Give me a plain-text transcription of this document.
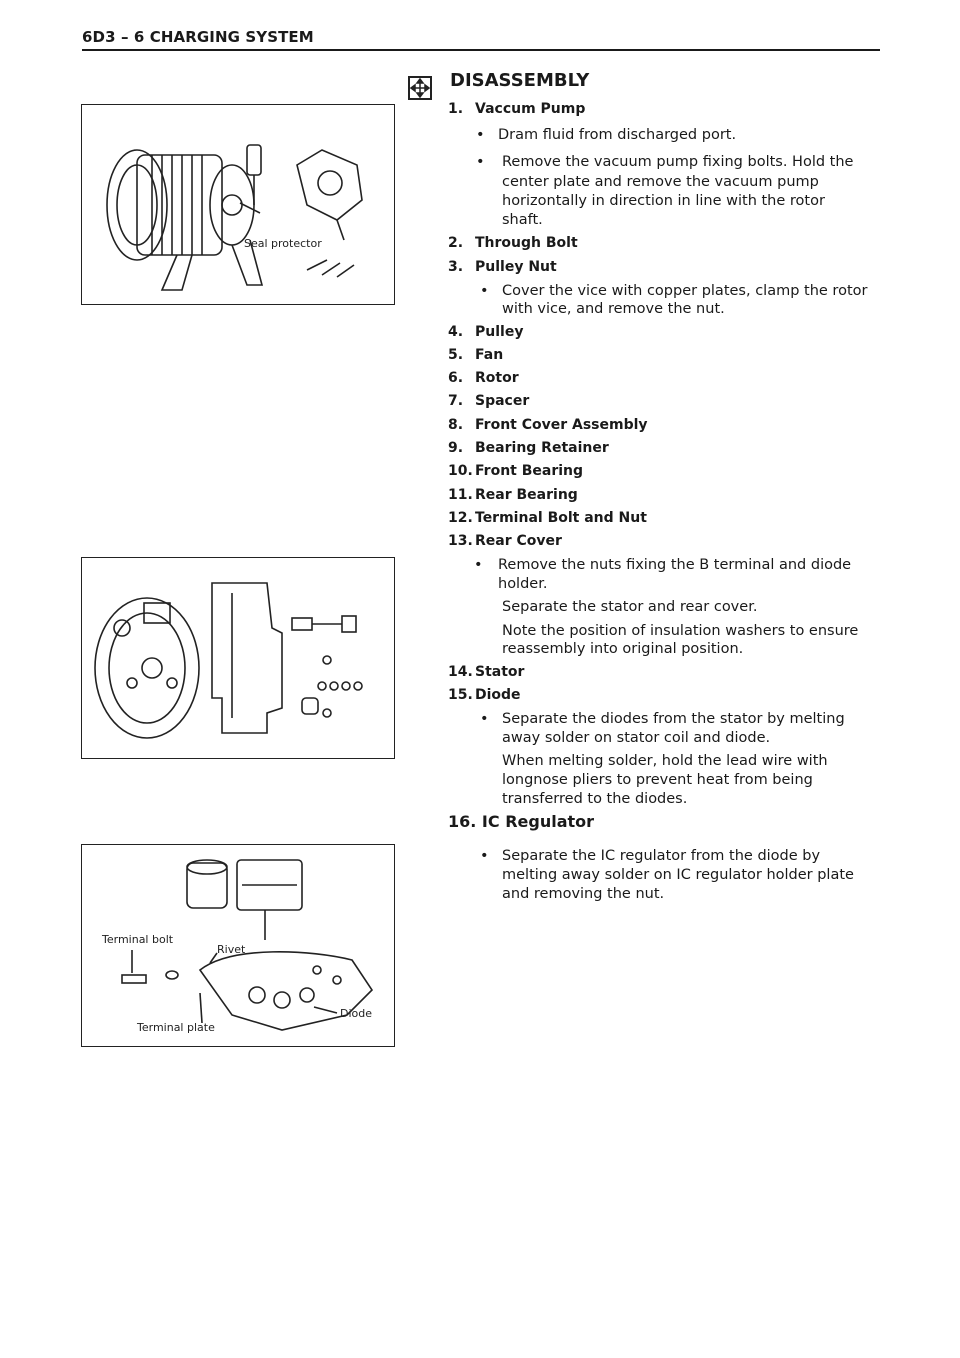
6D3 – 6 CHARGING SYSTEM
Seal protector
Terminal bolt
Rivet
Diode
Terminal plate
DISASSEMBLY
1. Vaccum Pump
• Dram fluid from discharged port.
• Remove the vacuum pump fixing bolts. Hold the
center plate and remove the vacuum pump
horizontally in direction in line with the rotor
shaft.
2. Through Bolt
3. Pulley Nut
• Cover the vice with copper plates, clamp the rotor
with vice, and remove the nut.
4. Pulley
5. Fan
6. Rotor
7. Spacer
8. Front Cover Assembly
9. Bearing Retainer
10. Front Bearing
11. Rear Bearing
12. Terminal Bolt and Nut
13. Rear Cover
• Remove the nuts fixing the B terminal and diode
holder.
Separate the stator and rear cover.
Note the position of insulation washers to ensure
reassembly into original position.
14. Stator
15. Diode
• Separate the diodes from the stator by melting
away solder on stator coil and diode.
When melting solder, hold the lead wire with
longnose pliers to prevent heat from being
transferred to the diodes.
16. IC Regulator
• Separate the IC regulator from the diode by
melting away solder on IC regulator holder plate
and removing the nut.
